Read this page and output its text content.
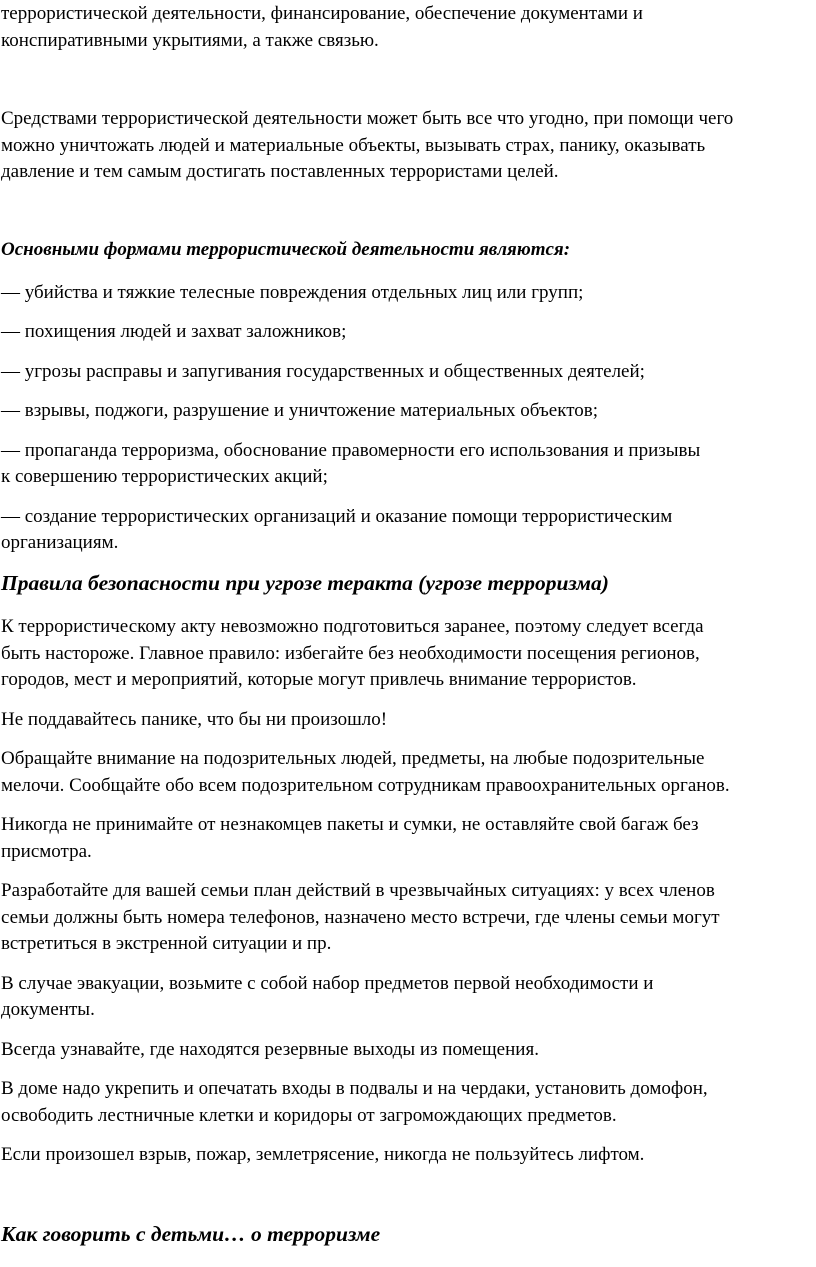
террористической деятельности, финансирование, обеспечение документами и
конспиративными укрытиями, а также связью.
Средствами террористической деятельности может быть все что угодно, при помощи чего
можно уничтожать людей и материальные объекты, вызывать страх, панику, оказывать
давление и тем самым достигать поставленных террористами целей.
Основными формами террористической деятельности являются:
— убийства и тяжкие телесные повреждения отдельных лиц или групп;
— похищения людей и захват заложников;
— угрозы расправы и запугивания государственных и общественных деятелей;
— взрывы, поджоги, разрушение и уничтожение материальных объектов;
— пропаганда терроризма, обоснование правомерности его использования и призывы
к совершению террористических акций;
— создание террористических организаций и оказание помощи террористическим
организациям.
Правила безопасности при угрозе теракта (угрозе терроризма)
К террористическому акту невозможно подготовиться заранее, поэтому следует всегда
быть настороже. Главное правило: избегайте без необходимости посещения регионов,
городов, мест и мероприятий, которые могут привлечь внимание террористов.
Не поддавайтесь панике, что бы ни произошло!
Обращайте внимание на подозрительных людей, предметы, на любые подозрительные
мелочи. Сообщайте обо всем подозрительном сотрудникам правоохранительных органов.
Никогда не принимайте от незнакомцев пакеты и сумки, не оставляйте свой багаж без
присмотра.
Разработайте для вашей семьи план действий в чрезвычайных ситуациях: у всех членов
семьи должны быть номера телефонов, назначено место встречи, где члены семьи могут
встретиться в экстренной ситуации и пр.
В случае эвакуации, возьмите с собой набор предметов первой необходимости и
документы.
Всегда узнавайте, где находятся резервные выходы из помещения.
В доме надо укрепить и опечатать входы в подвалы и на чердаки, установить домофон,
освободить лестничные клетки и коридоры от загромождающих предметов.
Если произошел взрыв, пожар, землетрясение, никогда не пользуйтесь лифтом.
Как говорить с детьми… о терроризме
